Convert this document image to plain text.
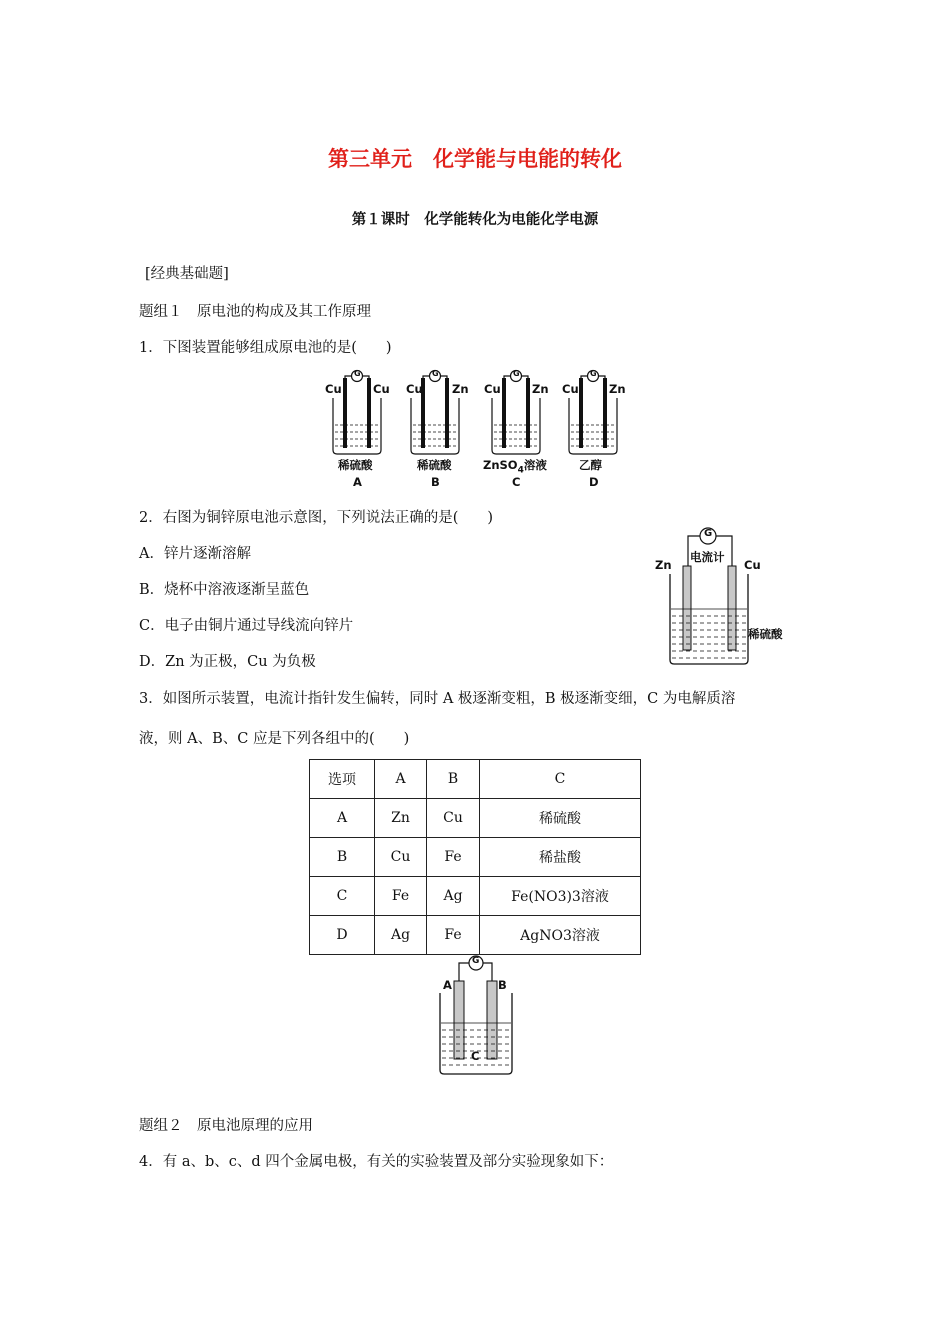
第三单元　化学能与电能的转化
第１课时　化学能转化为电能化学电源
[经典基础题]
题组１　原电池的构成及其工作原理
1．下图装置能够组成原电池的是(　　)
G
Cu	Cu
稀硫酸
A
G
Cu	Zn
稀硫酸
B
G
Cu	Zn
ZnSO$_4$溶液
C
G
Cu	Zn
乙醇
D
2．右图为铜锌原电池示意图，下列说法正确的是(　　)
A．锌片逐渐溶解
B．烧杯中溶液逐渐呈蓝色
C．电子由铜片通过导线流向锌片
D．Zn 为正极，Cu 为负极
G
电流计
Zn	Cu
稀硫酸
3．如图所示装置，电流计指针发生偏转，同时 A 极逐渐变粗，B 极逐渐变细，C 为电解质溶
液，则 A、B、C 应是下列各组中的(　　)
选项	A	B	C
A	Zn	Cu	稀硫酸
B	Cu	Fe	稀盐酸
C	Fe	Ag	Fe(NO3)3溶液
D	Ag	Fe	AgNO3溶液
G
A	B
C
题组２　原电池原理的应用
4．有 a、b、c、d 四个金属电极，有关的实验装置及部分实验现象如下：
